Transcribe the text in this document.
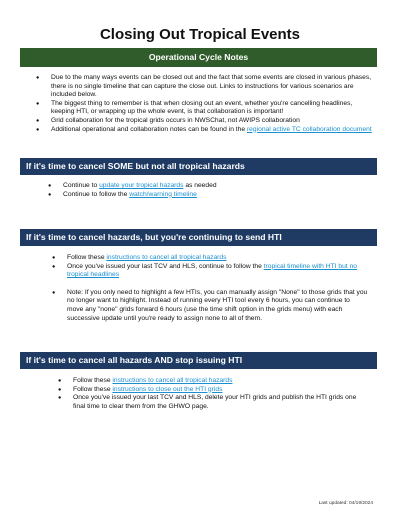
Closing Out Tropical Events
Operational Cycle Notes
● Due to the many ways events can be closed out and the fact that some events are closed in various phases, there is no single timeline that can capture the close out. Links to instructions for various scenarios are included below.
● The biggest thing to remember is that when closing out an event, whether you're cancelling headlines, keeping HTI, or wrapping up the whole event, is that collaboration is important!
● Grid collaboration for the tropical grids occurs in NWSChat, not AWIPS collaboration
● Additional operational and collaboration notes can be found in the regional active TC collaboration document
If it's time to cancel SOME but not all tropical hazards
● Continue to update your tropical hazards as needed
● Continue to follow the watch/warning timeline
If it's time to cancel hazards, but you're continuing to send HTI
● Follow these instructions to cancel all tropical hazards
● Once you've issued your last TCV and HLS, continue to follow the tropical timeline with HTI but no tropical headlines
● Note: If you only need to highlight a few HTIs, you can manually assign "None" to those grids that you no longer want to highlight. Instead of running every HTI tool every 6 hours, you can continue to move any "none" grids forward 6 hours (use the time shift option in the grids menu) with each successive update until you're ready to assign none to all of them.
If it's time to cancel all hazards AND stop issuing HTI
● Follow these instructions to cancel all tropical hazards
● Follow these instructions to close out the HTI grids
● Once you've issued your last TCV and HLS, delete your HTI grids and publish the HTI grids one final time to clear them from the GHWO page.
Last updated: 04/19/2024
